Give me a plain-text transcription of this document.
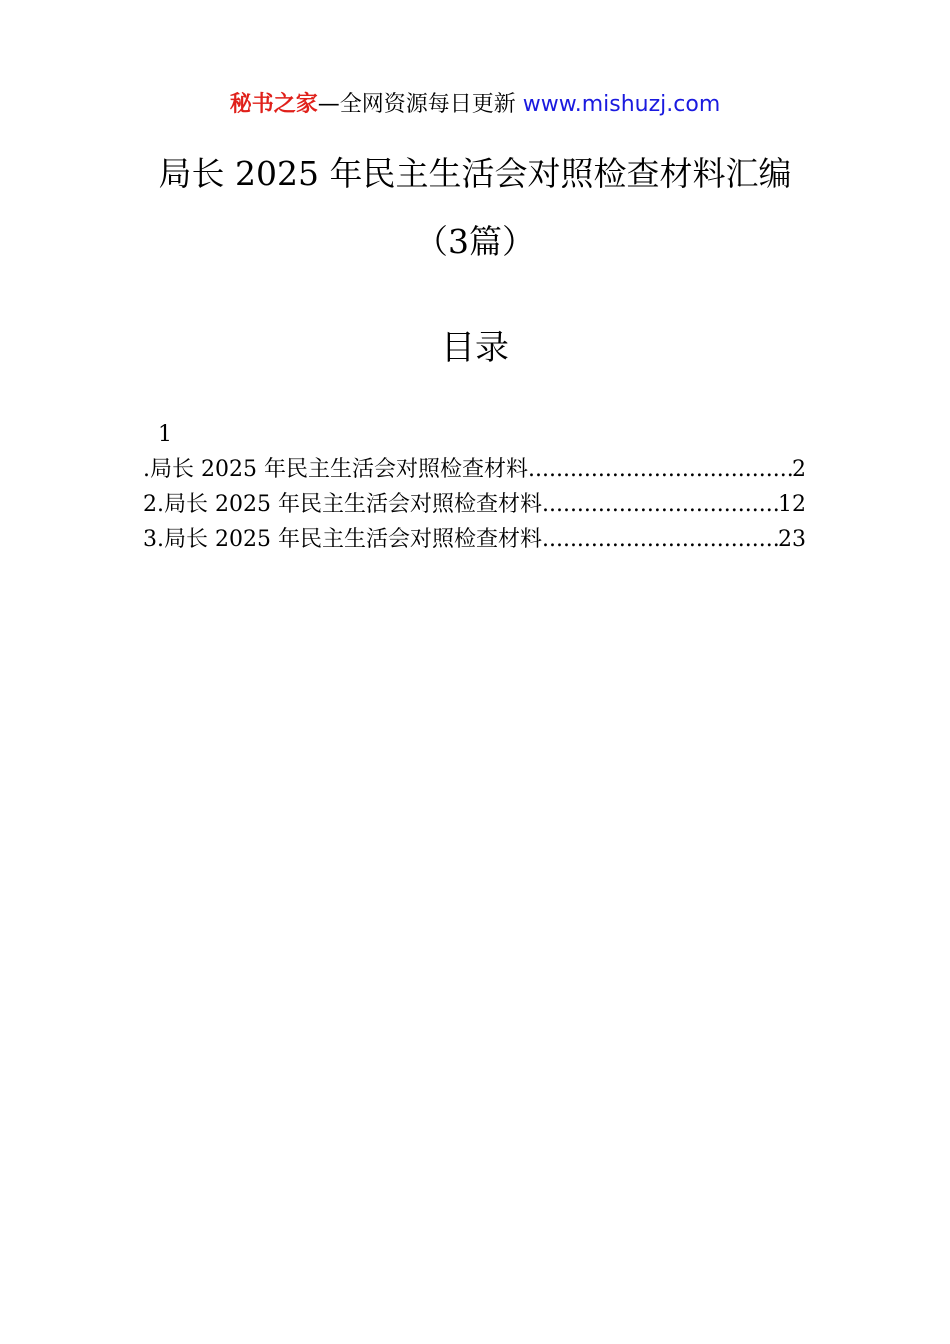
秘书之家—全网资源每日更新 www.mishuzj.com
局长 2025 年民主生活会对照检查材料汇编
（3篇）
目录
1
.局长 2025 年民主生活会对照检查材料 .....	2
2.局长 2025 年民主生活会对照检查材料 .....	12
3.局长 2025 年民主生活会对照检查材料 .....	23
